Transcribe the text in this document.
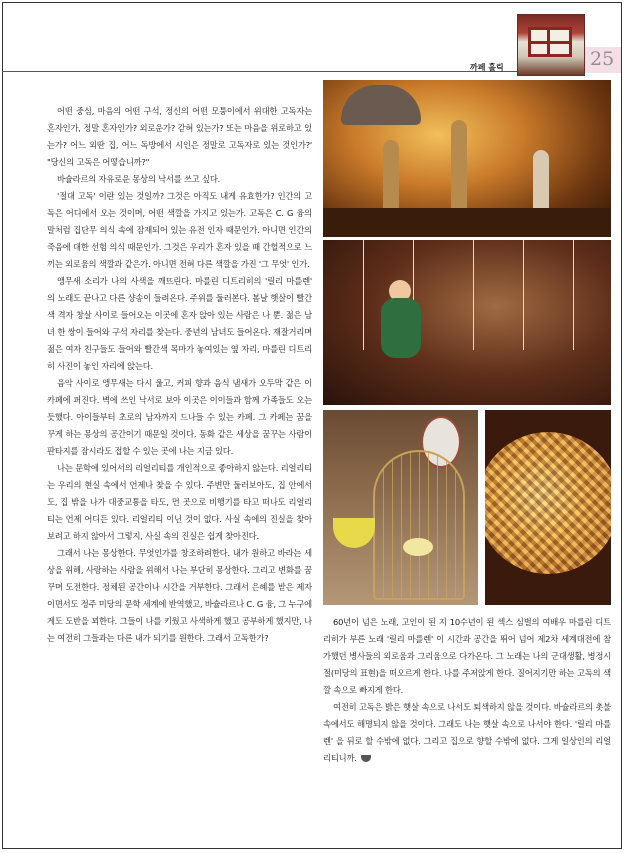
25
까페 홀릭

어떤 중심, 마음의 어떤 구석, 정신의 어떤 모퉁이에서 위대한 고독자는 혼자인가, 정말 혼자인가? 외로운가? 갇혀 있는가? 또는 마음을 위로하고 있는가? 어느 외딴 집, 어느 독방에서 시인은 정말로 고독자로 있는 것인가?' "당신의 고독은 어떻습니까?"

바슐라르의 자유로운 몽상의 낙서를 쓰고 싶다.

'절대 고독' 이란 있는 것일까? 그것은 아직도 내게 유효한가? 인간의 고독은 어디에서 오는 것이며, 어떤 색깔을 가지고 있는가. 고독은 C. G 융의 말처럼 집단무 의식 속에 잠재되어 있는 유전 인자 때문인가. 아니면 인간의 죽음에 대한 선험 의식 때문인가. 그것은 우리가 혼자 있을 때 간헐적으로 느끼는 외로움의 색깔과 같은가. 아니면 전혀 다른 색깔을 가진 '그 무엇' 인가.

앵무새 소리가 나의 사색을 깨뜨린다. 마를린 디트리히의 '릴리 마를렌' 의 노래도 끝나고 다른 샹송이 들려온다. 주위를 둘러본다. 봄날 햇살이 빨간색 격자 창살 사이로 들어오는 이곳에 혼자 앉아 있는 사람은 나 뿐. 젊은 남녀 한 쌍이 들어와 구석 자리를 찾는다. 중년의 남녀도 들어온다. 재잘거리며 젊은 여자 친구들도 들어와 빨간색 목마가 놓여있는 옆 자리, 마를린 디트리히 사진이 놓인 자리에 앉는다.

음악 사이로 앵무새는 다시 울고, 커피 향과 음식 냄새가 오두막 같은 이 카페에 퍼진다. 벽에 쓰인 낙서로 보아 이곳은 이이들과 함께 가족들도 오는 듯했다. 아이들부터 초로의 남자까지 드나들 수 있는 카페. 그 카페는 꿈을 꾸게 하는 몽상의 공간이기 때문일 것이다. 동화 같은 세상을 꿈꾸는 사람이 판타지를 잠시라도 접할 수 있는 곳에 나는 지금 있다.

나는 문학에 있어서의 리얼리티를 개인적으로 좋아하지 않는다. 리얼리티는 우리의 현실 속에서 언제나 찾을 수 있다. 주변만 둘러보아도, 집 안에서도, 집 밖을 나가 대중교통을 타도, 먼 곳으로 비행기를 타고 떠나도 리얼리티는 언제 어디든 있다. 리얼리티 이닌 것이 없다. 사실 속에의 진실을 찾아보려고 하지 않아서 그렇지, 사실 속의 진실은 쉽게 찾아진다.

그래서 나는 몽상한다. 무엇인가를 창조하려한다. 내가 원하고 바라는 세상을 위해, 사랑하는 사람을 위해서 나는 부단히 몽상한다. 그리고 변화를 꿈꾸며 도전한다. 정체된 공간이나 시간을 거부한다. 그래서 은혜를 받은 제자이면서도 정주 미당의 문학 세계에 반역했고, 바슐라르나 C. G 융, 그 누구에게도 도반을 꾀한다. 그들이 나를 키웠고 사색하게 했고 공부하게 했지만, 나는 여전히 그들과는 다른 내가 되기를 원한다. 그래서 고독한가?

60년이 넘은 노래, 고인이 된 지 10수년이 된 섹스 심벌의 여배우 마를린 디트리히가 부른 노래 '릴리 마를렌' 이 시간과 공간을 뛰어 넘어 제2차 세계대전에 참가했던 병사들의 외로움과 그리움으로 다가온다. 그 노래는 나의 군대생활, 병정시절(미당의 표현)을 떠오르게 한다. 나를 주저앉게 한다. 질어지기만 하는 고독의 색깔 속으로 빠지게 한다.

여전히 고독은 밝은 햇살 속으로 나서도 퇴색하지 않을 것이다. 바슐라르의 촛불 속에서도 해명되지 않을 것이다. 그래도 나는 햇살 속으로 나서야 한다. '릴리 마를렌' 을 뒤로 할 수밖에 없다. 그리고 집으로 향할 수밖에 없다. 그게 일상인의 리얼리티니까.
